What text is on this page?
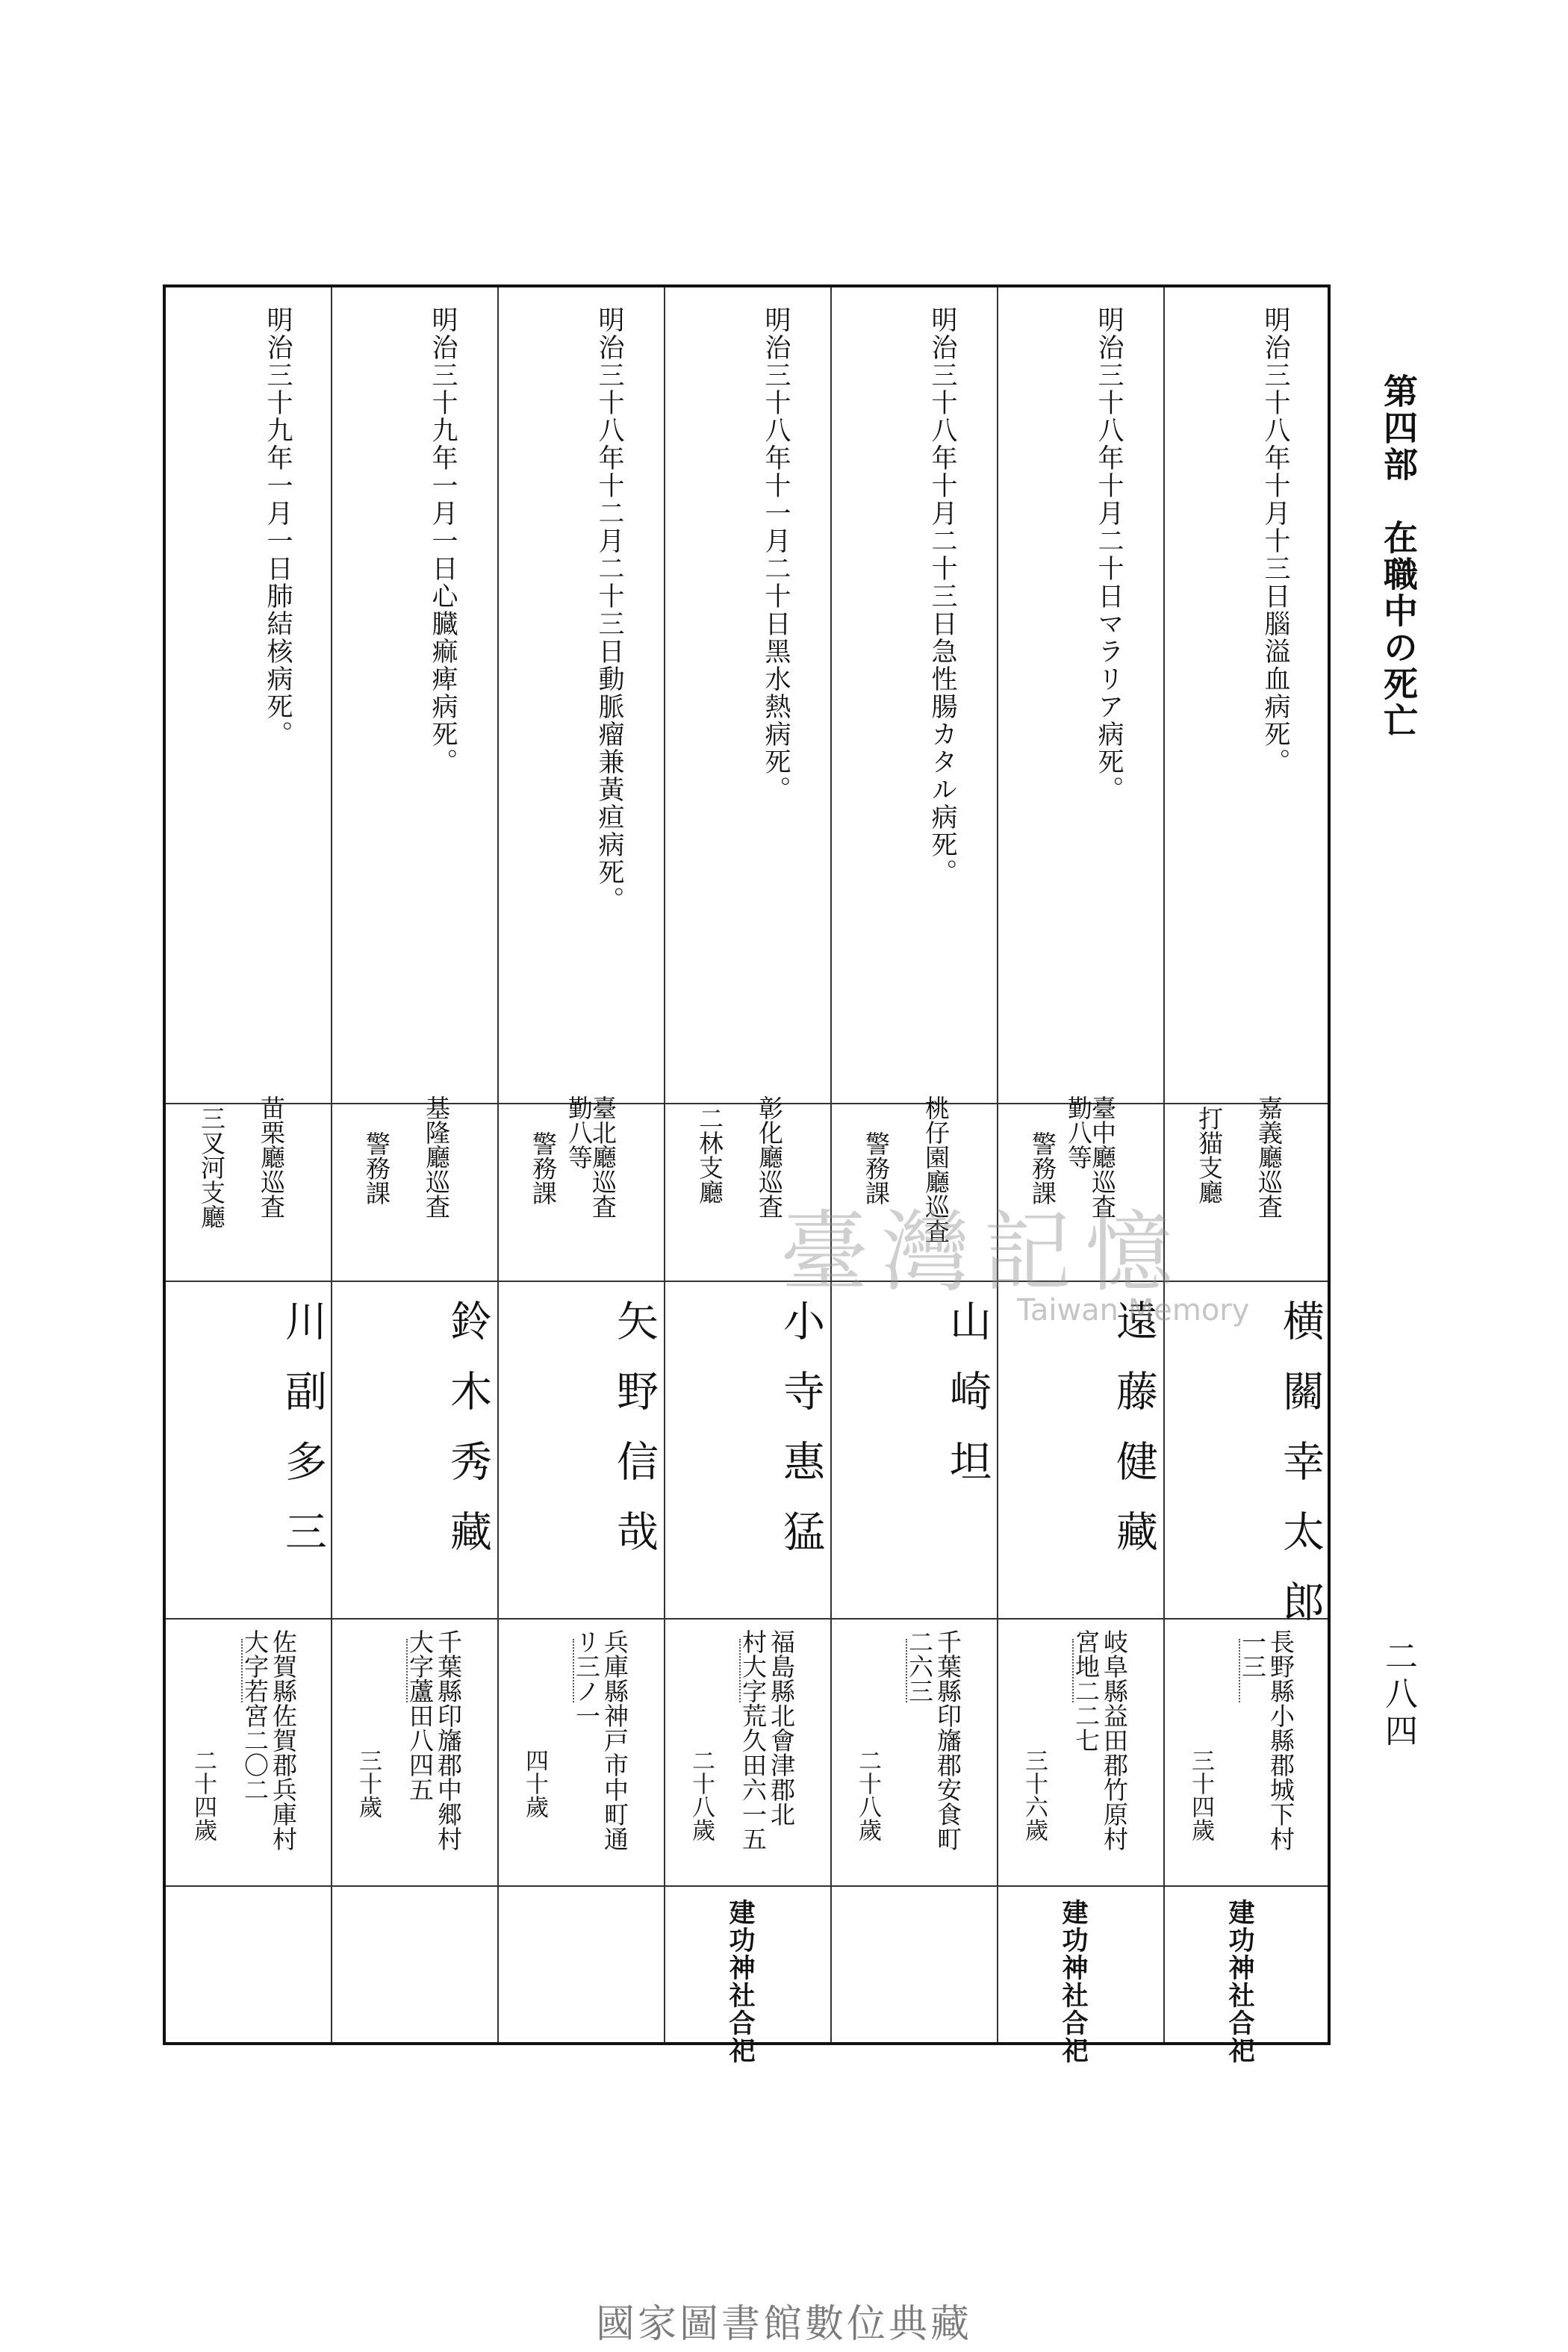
第四部　在職中の死亡
二八四
明治三十八年十月十三日腦溢血病死。
嘉義廳巡査
打猫支廳
横關幸太郎
長野縣小縣郡城下村
一三
三十四歲
建功神社合祀
明治三十八年十月二十日マラリア病死。
臺中廳巡査
勤八等
警務課
遠藤健藏
岐阜縣益田郡竹原村
宮地二二七
三十六歲
建功神社合祀
明治三十八年十月二十三日急性腸カタル病死。
桃仔園廳巡査
警務課
山崎坦
千葉縣印旛郡安食町
二六三
二十八歲
明治三十八年十一月二十日黑水熱病死。
彰化廳巡査
二林支廳
小寺惠猛
福島縣北會津郡北
村大字荒久田六一五
二十八歲
建功神社合祀
明治三十八年十二月二十三日動脈瘤兼黃疸病死。
臺北廳巡査
勤八等
警務課
矢野信哉
兵庫縣神戸市中町通
リ三ノ一
四十歲
明治三十九年一月一日心臓痲痺病死。
基隆廳巡査
警務課
鈴木秀藏
千葉縣印旛郡中郷村
大字蘆田八四五
三十歲
明治三十九年一月一日肺結核病死。
苗栗廳巡査
三叉河支廳
川副多三
佐賀縣佐賀郡兵庫村
大字若宮二〇二
二十四歲
臺灣記憶
Taiwan Memory
國家圖書館數位典藏
